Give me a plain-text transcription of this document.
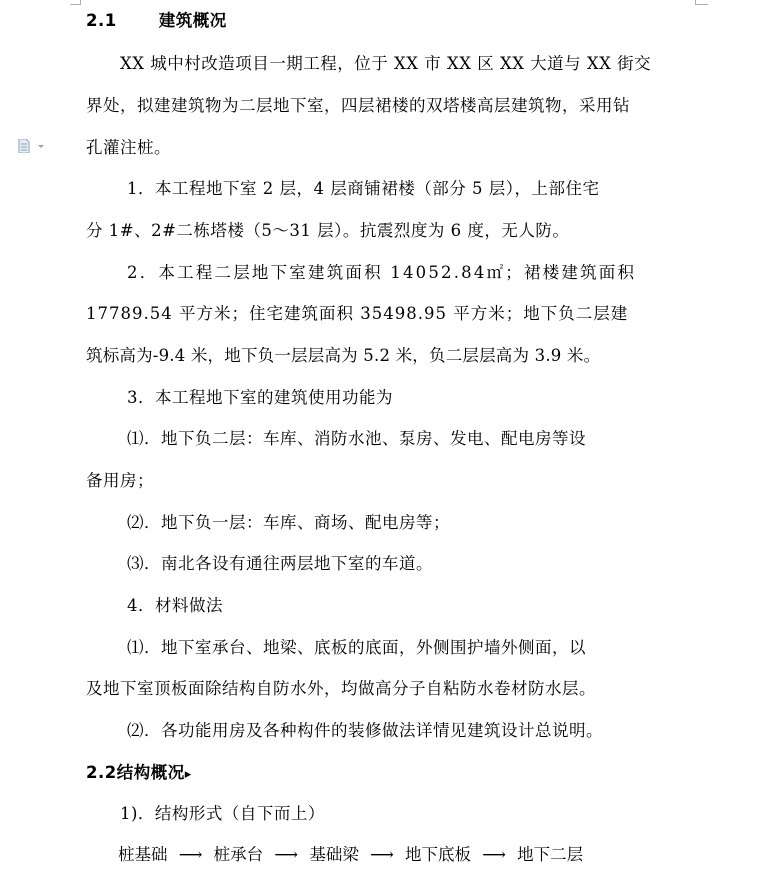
2.1	建筑概况
XX 城中村改造项目一期工程，位于 XX 市 XX 区 XX 大道与 XX 街交
界处，拟建建筑物为二层地下室，四层裙楼的双塔楼高层建筑物，采用钻
孔灌注桩。
1．本工程地下室 2 层，4 层商铺裙楼（部分 5 层），上部住宅
分 1#、2#二栋塔楼（5～31 层）。抗震烈度为 6 度，无人防。
2．本工程二层地下室建筑面积 14052.84㎡；裙楼建筑面积
17789.54 平方米；住宅建筑面积 35498.95 平方米；地下负二层建
筑标高为-9.4 米，地下负一层层高为 5.2 米，负二层层高为 3.9 米。
3．本工程地下室的建筑使用功能为
⑴．地下负二层：车库、消防水池、泵房、发电、配电房等设
备用房；
⑵．地下负一层：车库、商场、配电房等；
⑶．南北各设有通往两层地下室的车道。
4．材料做法
⑴．地下室承台、地梁、底板的底面，外侧围护墙外侧面，以
及地下室顶板面除结构自防水外，均做高分子自粘防水卷材防水层。
⑵．各功能用房及各种构件的装修做法详情见建筑设计总说明。
2.2结构概况▸
1)．结构形式（自下而上）
桩基础 ⟶ 桩承台 ⟶ 基础梁 ⟶ 地下底板 ⟶ 地下二层
